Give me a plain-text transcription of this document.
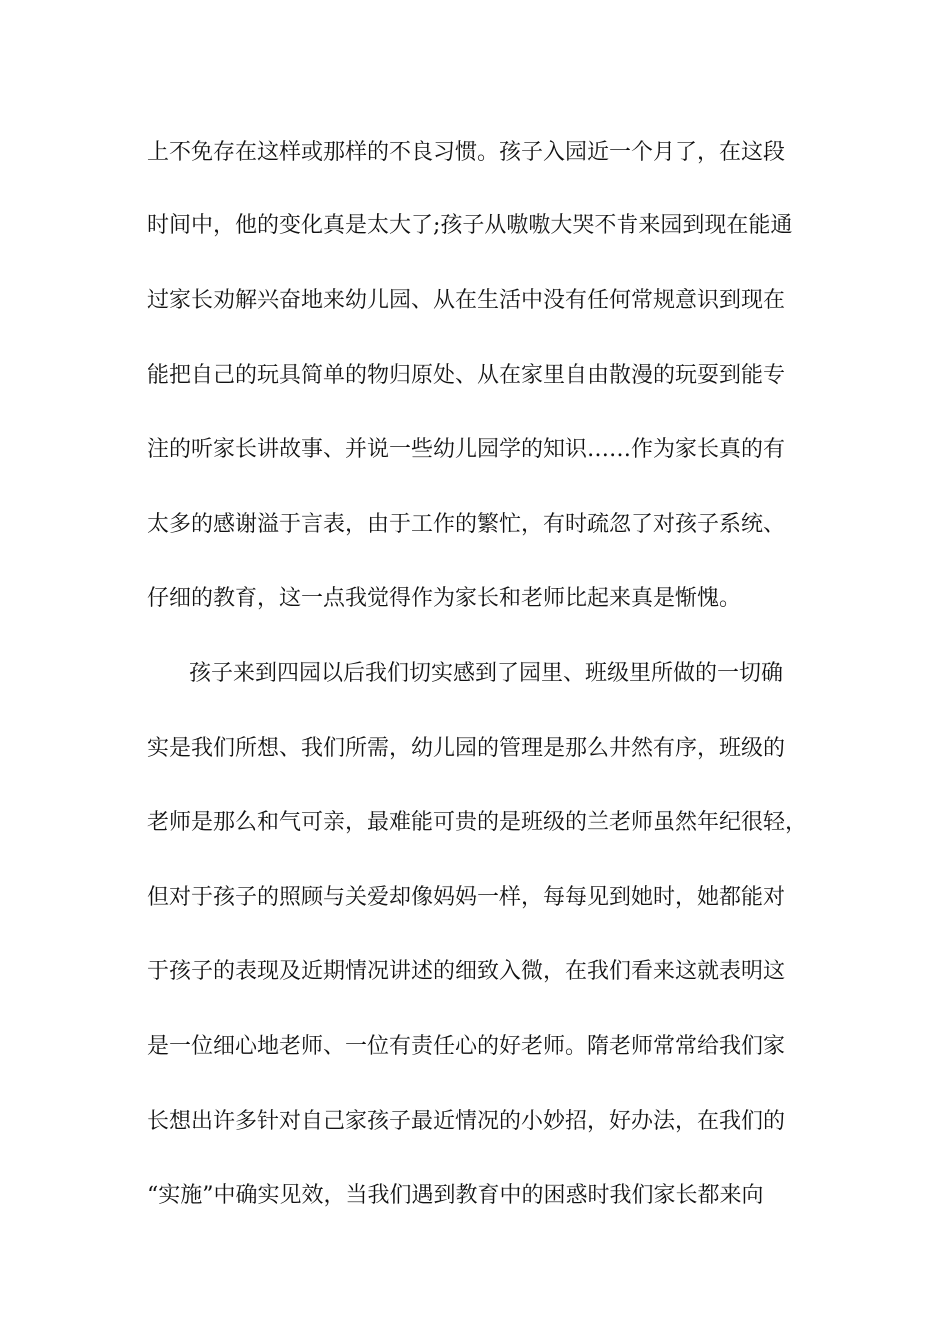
上不免存在这样或那样的不良习惯。孩子入园近一个月了，在这段
时间中，他的变化真是太大了;孩子从嗷嗷大哭不肯来园到现在能通
过家长劝解兴奋地来幼儿园、从在生活中没有任何常规意识到现在
能把自己的玩具简单的物归原处、从在家里自由散漫的玩耍到能专
注的听家长讲故事、并说一些幼儿园学的知识……作为家长真的有
太多的感谢溢于言表，由于工作的繁忙，有时疏忽了对孩子系统、
仔细的教育，这一点我觉得作为家长和老师比起来真是惭愧。
孩子来到四园以后我们切实感到了园里、班级里所做的一切确
实是我们所想、我们所需，幼儿园的管理是那么井然有序，班级的
老师是那么和气可亲，最难能可贵的是班级的兰老师虽然年纪很轻，
但对于孩子的照顾与关爱却像妈妈一样，每每见到她时，她都能对
于孩子的表现及近期情况讲述的细致入微，在我们看来这就表明这
是一位细心地老师、一位有责任心的好老师。隋老师常常给我们家
长想出许多针对自己家孩子最近情况的小妙招，好办法，在我们的
“实施”中确实见效，当我们遇到教育中的困惑时我们家长都来向
